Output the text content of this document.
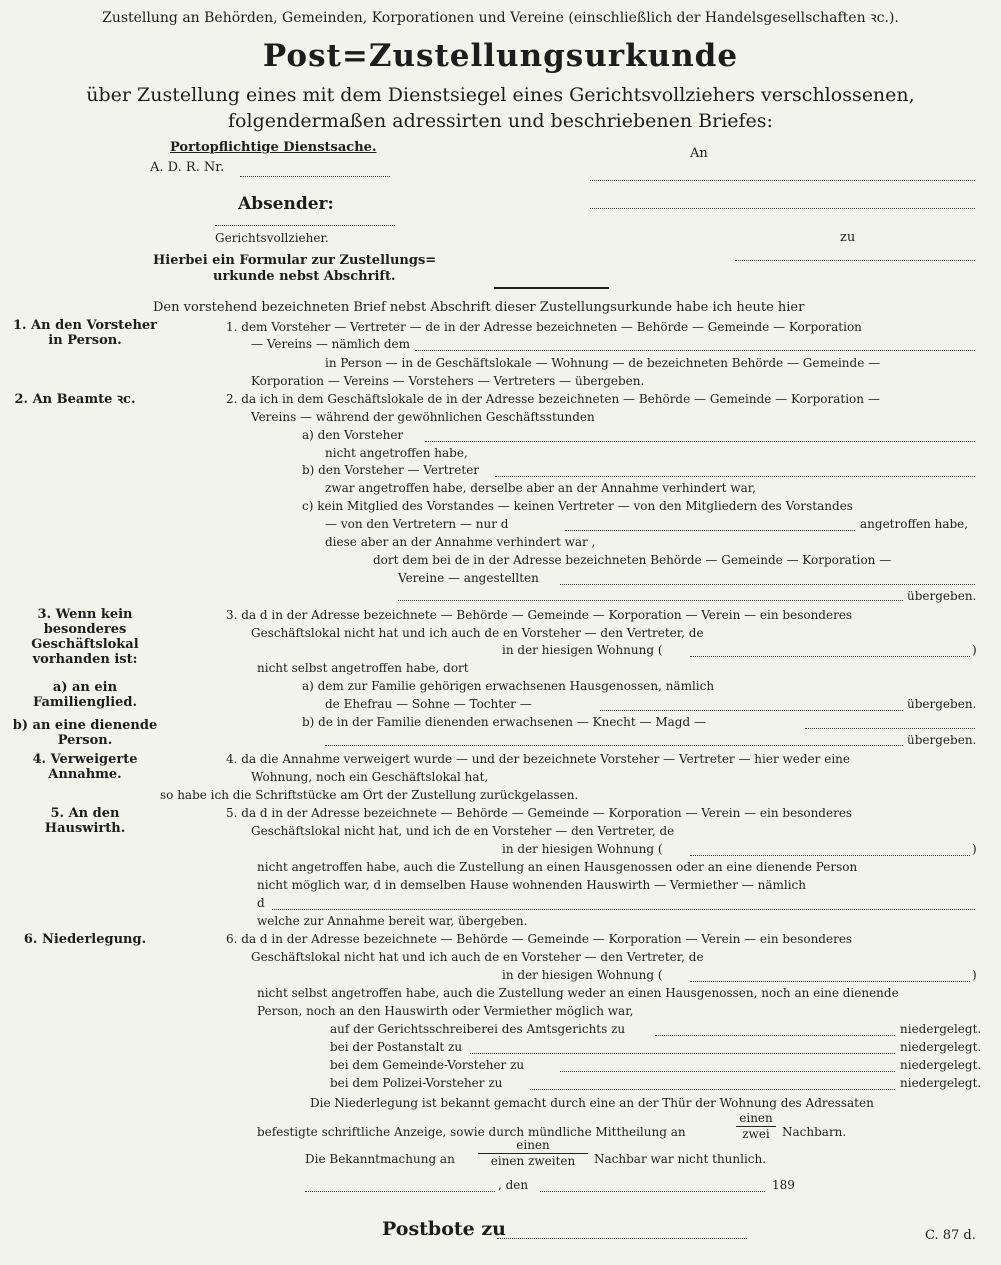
Zustellung an Behörden, Gemeinden, Korporationen und Vereine (einschließlich der Handelsgesellschaften ꝛc.).
Post=Zustellungsurkunde
über Zustellung eines mit dem Dienstsiegel eines Gerichtsvollziehers verschlossenen,
folgendermaßen adressirten und beschriebenen Briefes:
Portopflichtige Dienstsache.
A. D. R. Nr.
Absender:
Gerichtsvollzieher.
Hierbei ein Formular zur Zustellungs=
urkunde nebst Abschrift.
An
zu
Den vorstehend bezeichneten Brief nebst Abschrift dieser Zustellungsurkunde habe ich heute hier
1. An den Vorsteher in Person.
2. An Beamte ꝛc.
3. Wenn kein besonderes Geschäftslokal vorhanden ist:
a) an ein Familienglied.
b) an eine dienende Person.
4. Verweigerte Annahme.
5. An den Hauswirth.
6. Niederlegung.
1. dem Vorsteher — Vertreter — de in der Adresse bezeichneten — Behörde — Gemeinde — Korporation
— Vereins — nämlich dem
in Person — in de Geschäftslokale — Wohnung — de bezeichneten Behörde — Gemeinde —
Korporation — Vereins — Vorstehers — Vertreters — übergeben.
2. da ich in dem Geschäftslokale de in der Adresse bezeichneten — Behörde — Gemeinde — Korporation —
Vereins — während der gewöhnlichen Geschäftsstunden
a) den Vorsteher
nicht angetroffen habe,
b) den Vorsteher — Vertreter
zwar angetroffen habe, derselbe aber an der Annahme verhindert war,
c) kein Mitglied des Vorstandes — keinen Vertreter — von den Mitgliedern des Vorstandes
— von den Vertretern — nur d	angetroffen habe,
diese aber an der Annahme verhindert war ,
dort dem bei de in der Adresse bezeichneten Behörde — Gemeinde — Korporation —
Vereine — angestellten
übergeben.
3. da d in der Adresse bezeichnete — Behörde — Gemeinde — Korporation — Verein — ein besonderes
Geschäftslokal nicht hat und ich auch de en Vorsteher — den Vertreter, de
in der hiesigen Wohnung (	)
nicht selbst angetroffen habe, dort
a) dem zur Familie gehörigen erwachsenen Hausgenossen, nämlich
de Ehefrau — Sohne — Tochter —	übergeben.
b) de in der Familie dienenden erwachsenen — Knecht — Magd —
übergeben.
4. da die Annahme verweigert wurde — und der bezeichnete Vorsteher — Vertreter — hier weder eine
Wohnung, noch ein Geschäftslokal hat,
so habe ich die Schriftstücke am Ort der Zustellung zurückgelassen.
5. da d in der Adresse bezeichnete — Behörde — Gemeinde — Korporation — Verein — ein besonderes
Geschäftslokal nicht hat, und ich de en Vorsteher — den Vertreter, de
in der hiesigen Wohnung (	)
nicht angetroffen habe, auch die Zustellung an einen Hausgenossen oder an eine dienende Person
nicht möglich war, d in demselben Hause wohnenden Hauswirth — Vermiether — nämlich
d
welche zur Annahme bereit war, übergeben.
6. da d in der Adresse bezeichnete — Behörde — Gemeinde — Korporation — Verein — ein besonderes
Geschäftslokal nicht hat und ich auch de en Vorsteher — den Vertreter, de
in der hiesigen Wohnung (	)
nicht selbst angetroffen habe, auch die Zustellung weder an einen Hausgenossen, noch an eine dienende
Person, noch an den Hauswirth oder Vermiether möglich war,
auf der Gerichtsschreiberei des Amtsgerichts zu	niedergelegt.
bei der Postanstalt zu	niedergelegt.
bei dem Gemeinde-Vorsteher zu	niedergelegt.
bei dem Polizei-Vorsteher zu	niedergelegt.
Die Niederlegung ist bekannt gemacht durch eine an der Thür der Wohnung des Adressaten
befestigte schriftliche Anzeige, sowie durch mündliche Mittheilung an
einen
zwei	Nachbarn.
Die Bekanntmachung an
einen
einen zweiten	Nachbar war nicht thunlich.
, den	189
Postbote zu	C. 87 d.
